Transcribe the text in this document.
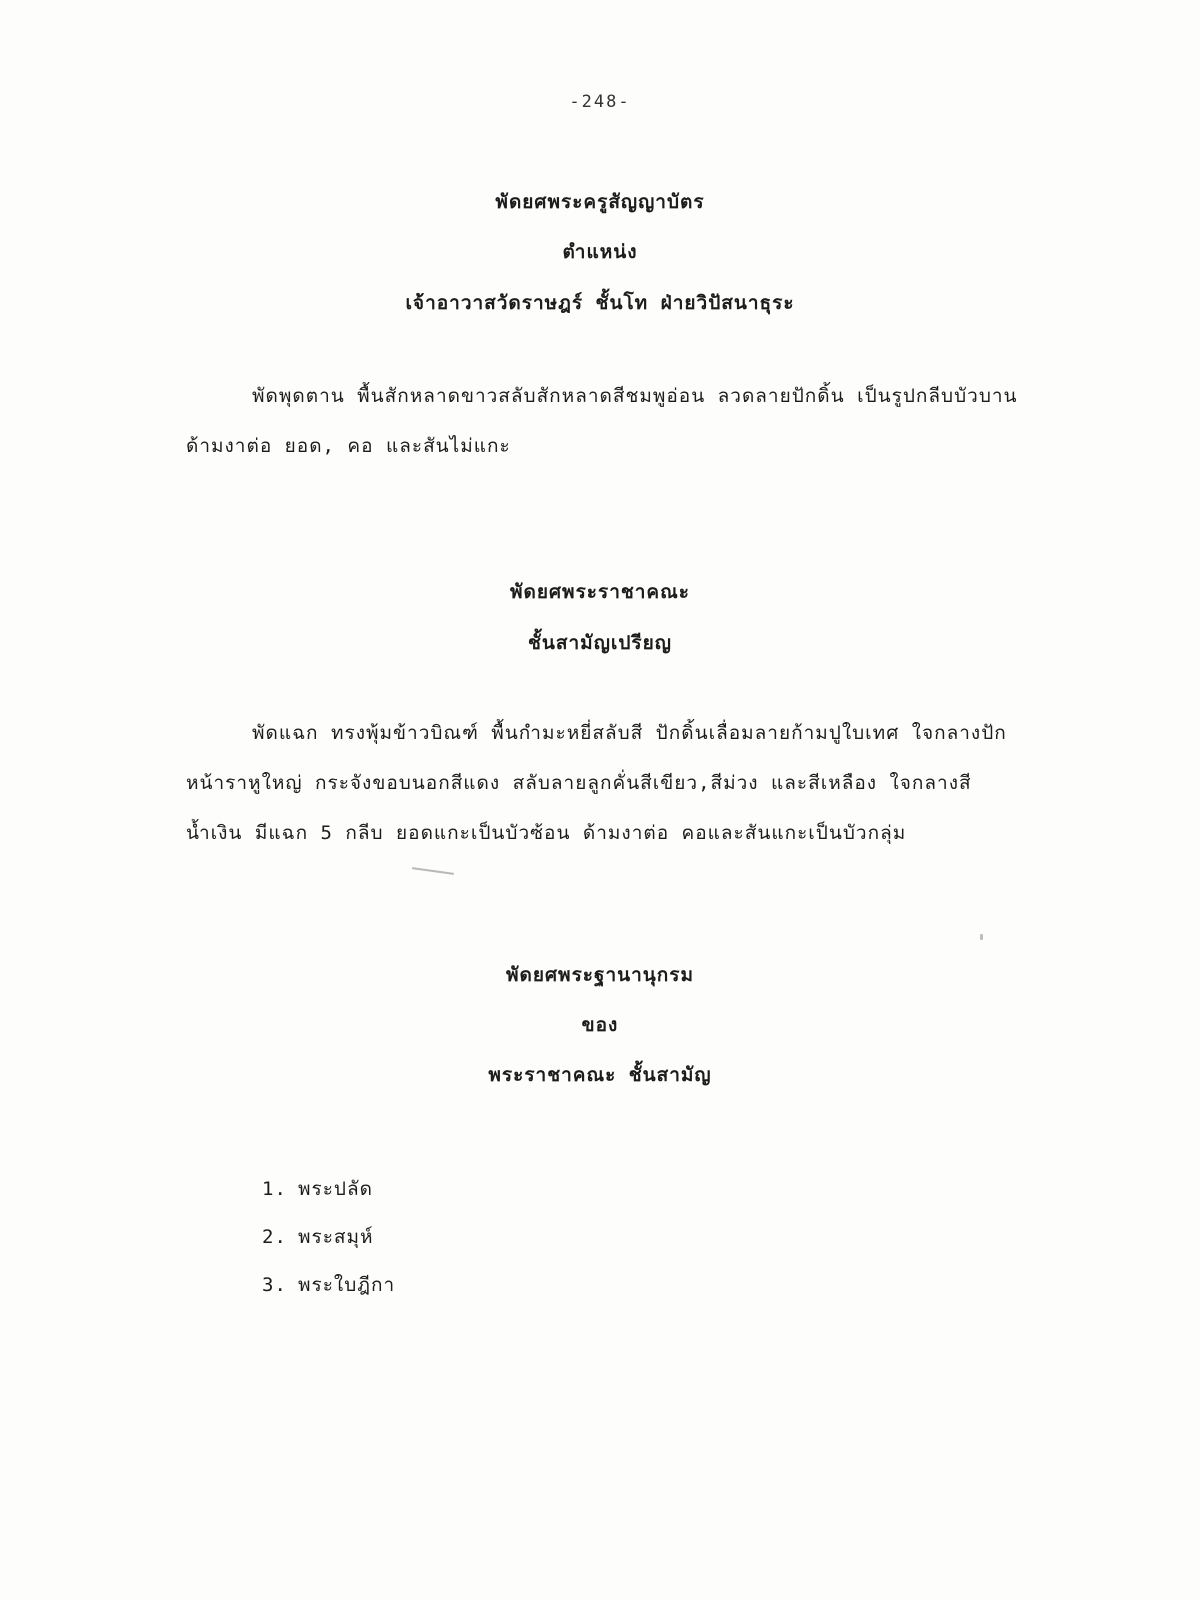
-248-
พัดยศพระครูสัญญาบัตร
ตำแหน่ง
เจ้าอาวาสวัดราษฎร์ ชั้นโท ฝ่ายวิปัสนาธุระ
พัดพุดตาน พื้นสักหลาดขาวสลับสักหลาดสีชมพูอ่อน ลวดลายปักดิ้น เป็นรูปกลีบบัวบาน
ด้ามงาต่อ ยอด, คอ และสันไม่แกะ
พัดยศพระราชาคณะ
ชั้นสามัญเปรียญ
พัดแฉก ทรงพุ้มข้าวบิณฑ์ พื้นกำมะหยี่สลับสี ปักดิ้นเลื่อมลายก้ามปูใบเทศ ใจกลางปัก
หน้าราหูใหญ่ กระจังขอบนอกสีแดง สลับลายลูกคั่นสีเขียว,สีม่วง และสีเหลือง ใจกลางสี
น้ำเงิน มีแฉก 5 กลีบ ยอดแกะเป็นบัวซ้อน ด้ามงาต่อ คอและสันแกะเป็นบัวกลุ่ม
พัดยศพระฐานานุกรม
ของ
พระราชาคณะ ชั้นสามัญ
1. พระปลัด
2. พระสมุห์
3. พระใบฎีกา
